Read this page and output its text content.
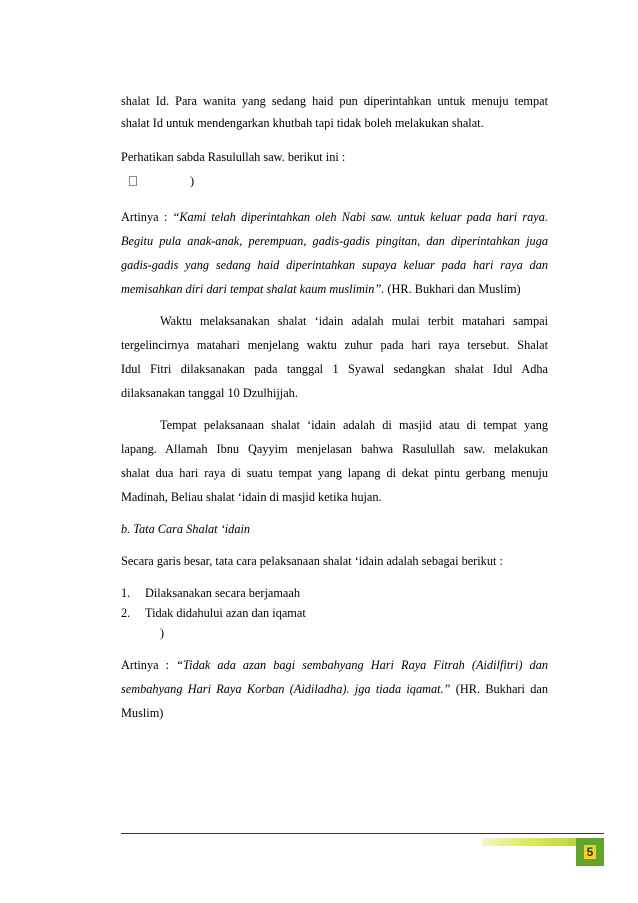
shalat Id. Para wanita yang sedang haid pun diperintahkan untuk menuju tempat
shalat Id untuk mendengarkan khutbah tapi tidak boleh melakukan shalat.
Perhatikan sabda Rasulullah saw. berikut ini :
)
Artinya : “Kami telah diperintahkan oleh Nabi saw. untuk keluar pada hari raya.
Begitu pula anak-anak, perempuan, gadis-gadis pingitan, dan diperintahkan juga
gadis-gadis yang sedang haid diperintahkan supaya keluar pada hari raya dan
memisahkan diri dari tempat shalat kaum muslimin”. (HR. Bukhari dan Muslim)
Waktu melaksanakan shalat ‘idain adalah mulai terbit matahari sampai
tergelincirnya matahari menjelang waktu zuhur pada hari raya tersebut. Shalat
Idul Fitri dilaksanakan pada tanggal 1 Syawal sedangkan shalat Idul Adha
dilaksanakan tanggal 10 Dzulhijjah.
Tempat pelaksanaan shalat ‘idain adalah di masjid atau di tempat yang
lapang. Allamah Ibnu Qayyim menjelasan bahwa Rasulullah saw. melakukan
shalat dua hari raya di suatu tempat yang lapang di dekat pintu gerbang menuju
Madinah, Beliau shalat ‘idain di masjid ketika hujan.
b. Tata Cara Shalat ‘idain
Secara garis besar, tata cara pelaksanaan shalat ‘idain adalah sebagai berikut :
1. Dilaksanakan secara berjamaah
2. Tidak didahului azan dan iqamat
)
Artinya : “Tidak ada azan bagi sembahyang Hari Raya Fitrah (Aidilfitri) dan
sembahyang Hari Raya Korban (Aidiladha). jga tiada iqamat.” (HR. Bukhari dan
Muslim)
5
